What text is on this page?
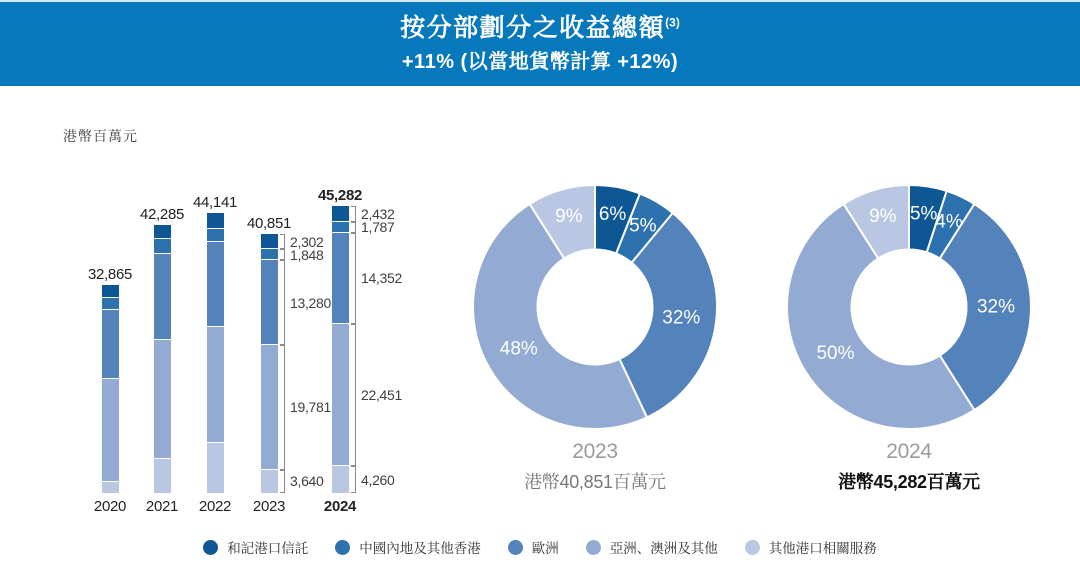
按分部劃分之收益總額$^{(3)}$
+11% (以當地貨幣計算 +12%)
港幣百萬元
32,865
2020
42,285
2021
44,141
2022
40,851
2023
2,302
1,848
13,280
19,781
3,640
45,282
2024
2,432
1,787
14,352
22,451
4,260
6%
5%
32%
48%
9%	5%
4%
32%
50%
9%
2023
港幣40,851百萬元
2024
港幣45,282百萬元
和記港口信託	中國內地及其他香港	歐洲	亞洲、澳洲及其他	其他港口相關服務
